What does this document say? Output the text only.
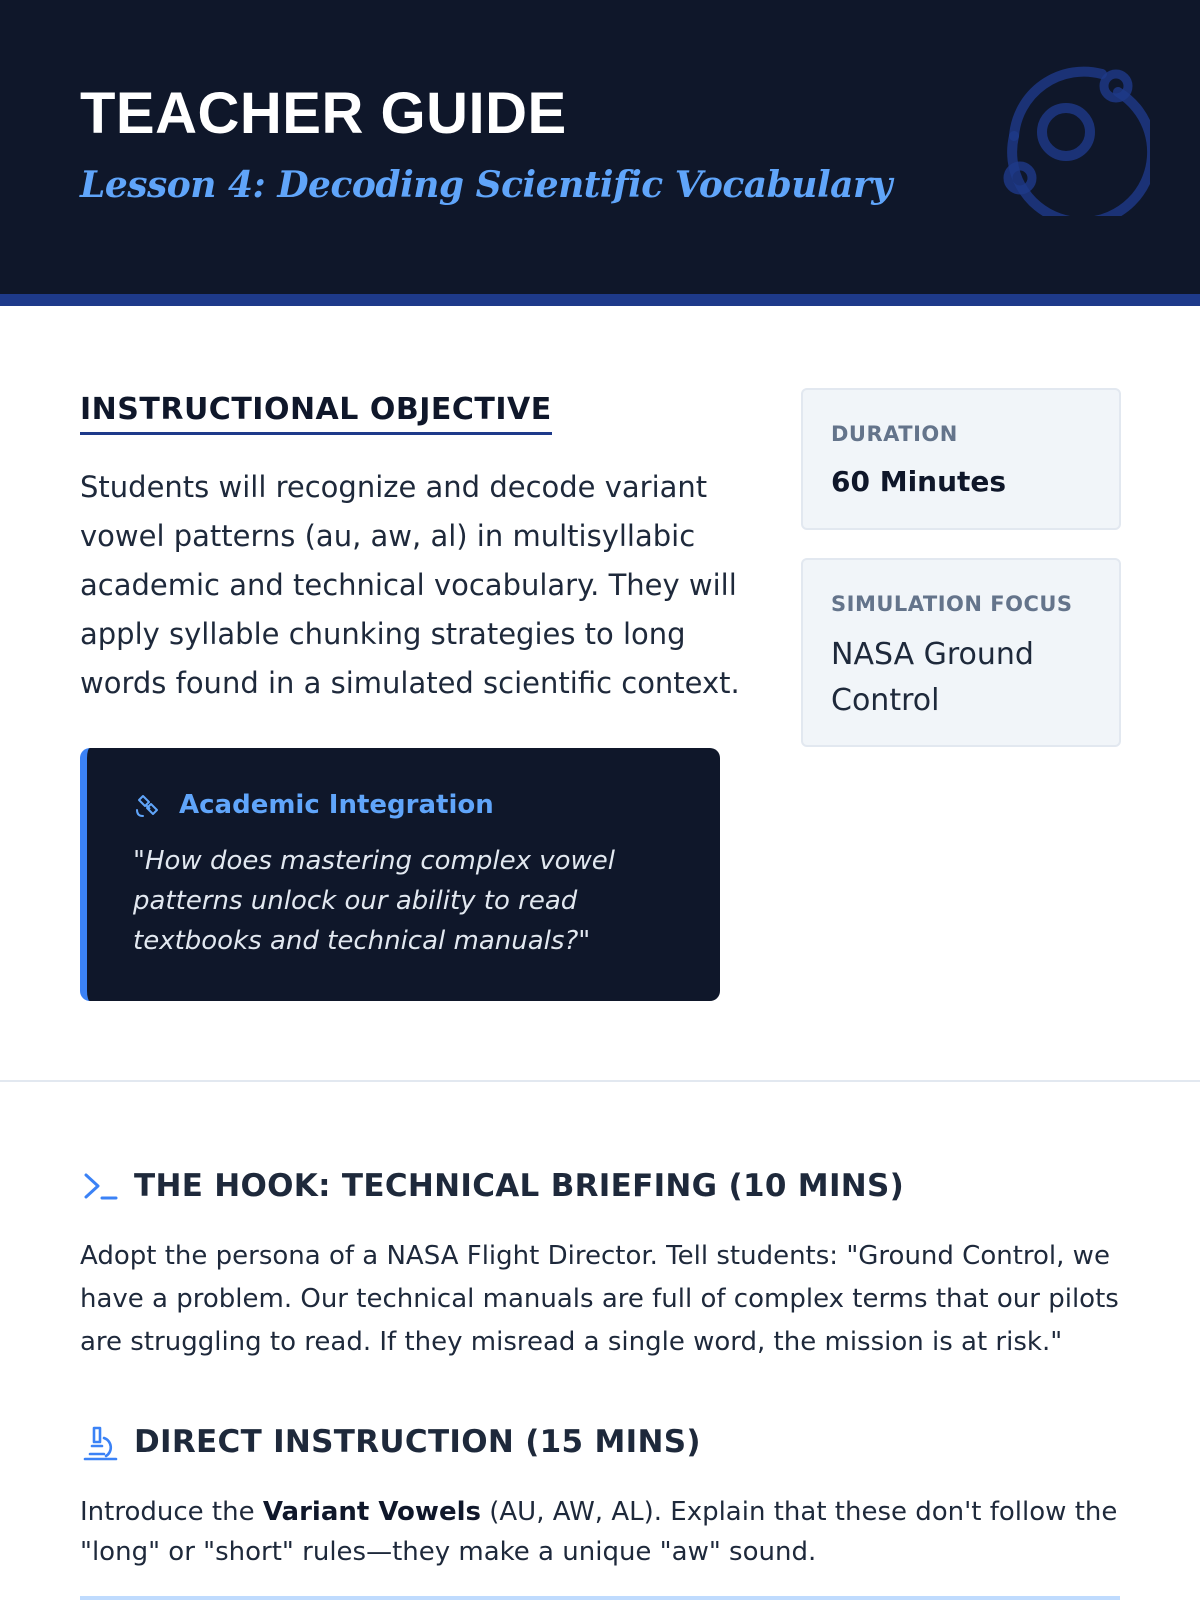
TEACHER GUIDE
Lesson 4: Decoding Scientific Vocabulary
INSTRUCTIONAL OBJECTIVE
Students will recognize and decode variant vowel patterns (au, aw, al) in multisyllabic academic and technical vocabulary. They will apply syllable chunking strategies to long words found in a simulated scientific context.
Academic Integration
"How does mastering complex vowel patterns unlock our ability to read textbooks and technical manuals?"
DURATION
60 Minutes
SIMULATION FOCUS
NASA Ground Control
THE HOOK: TECHNICAL BRIEFING (10 MINS)
Adopt the persona of a NASA Flight Director. Tell students: "Ground Control, we have a problem. Our technical manuals are full of complex terms that our pilots are struggling to read. If they misread a single word, the mission is at risk."
DIRECT INSTRUCTION (15 MINS)
Introduce the Variant Vowels (AU, AW, AL). Explain that these don't follow the "long" or "short" rules—they make a unique "aw" sound.
